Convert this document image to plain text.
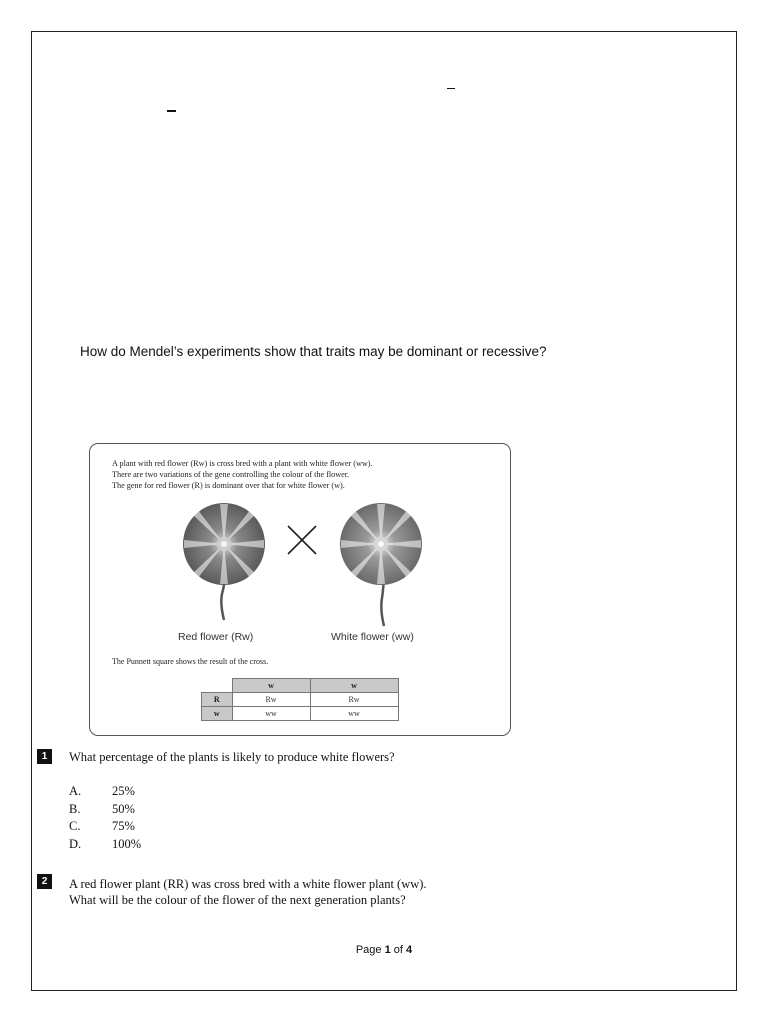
How do Mendel’s experiments show that traits may be dominant or recessive?
A plant with red flower (Rw) is cross bred with a plant with white flower (ww).
There are two variations of the gene controlling the colour of the flower.
The gene for red flower (R) is dominant over that for white flower (w).
Red flower (Rw)	White flower (ww)
The Punnett square shows the result of the cross.
	w	w
R	Rw	Rw
w	ww	ww
1	What percentage of the plants is likely to produce white flowers?
A.	25%
B.	50%
C.	75%
D.	100%
2	A red flower plant (RR) was cross bred with a white flower plant (ww).
What will be the colour of the flower of the next generation plants?
Page 1 of 4
